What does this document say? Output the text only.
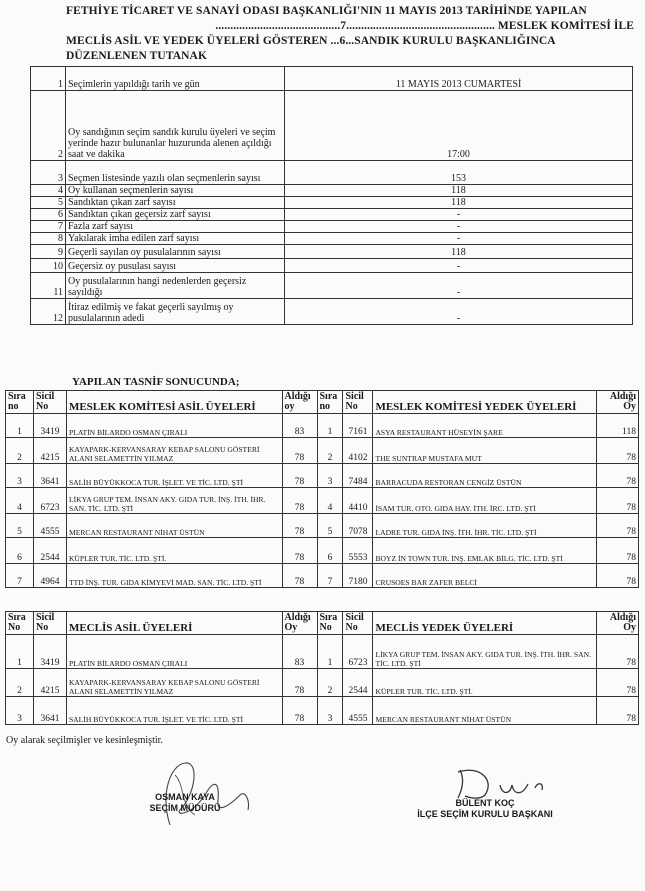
FETHİYE TİCARET VE SANAYİ ODASI BAŞKANLIĞI'NIN 11 MAYIS 2013 TARİHİNDE YAPILAN
..........................................7.................................................. MESLEK KOMİTESİ İLE
MECLİS ASİL VE YEDEK ÜYELERİ GÖSTEREN ...6...SANDIK KURULU BAŞKANLIĞINCA
DÜZENLENEN TUTANAK
1	Seçimlerin yapıldığı tarih ve gün	11 MAYIS 2013 CUMARTESİ
2	Oy sandığının seçim sandık kurulu üyeleri ve seçim yerinde hazır bulunanlar huzurunda alenen açıldığı saat ve dakika	17:00
3	Seçmen listesinde yazılı olan seçmenlerin sayısı	153
4	Oy kullanan seçmenlerin sayısı	118
5	Sandıktan çıkan zarf sayısı	118
6	Sandıktan çıkan geçersiz zarf sayısı	-
7	Fazla zarf sayısı	-
8	Yakılarak imha edilen zarf sayısı	-
9	Geçerli sayılan oy pusulalarının sayısı	118
10	Geçersiz oy pusulası sayısı	-
11	Oy pusulalarının hangi nedenlerden geçersiz sayıldığı	-
12	İtiraz edilmiş ve fakat geçerli sayılmış oy pusulalarının adedi	-
YAPILAN TASNİF SONUCUNDA;
Sıra no	Sicil No	MESLEK KOMİTESİ ASİL ÜYELERİ	Aldığı oy	Sıra no	Sicil No	MESLEK KOMİTESİ YEDEK ÜYELERİ	Aldığı Oy
1	3419	PLATİN BİLARDO OSMAN ÇIRALI	83	1	7161	ASYA RESTAURANT HÜSEYİN ŞARE	118
2	4215	KAYAPARK-KERVANSARAY KEBAP SALONU GÖSTERİ ALANI SELAMETTİN YILMAZ	78	2	4102	THE SUNTRAP MUSTAFA MUT	78
3	3641	SALİH BÜYÜKKOCA TUR. İŞLET. VE TİC. LTD. ŞTİ	78	3	7484	BARRACUDA RESTORAN CENGİZ ÜSTÜN	78
4	6723	LİKYA GRUP TEM. İNSAN AKY. GIDA TUR. İNŞ. İTH. İHR. SAN. TİC. LTD. ŞTİ	78	4	4410	İSAM TUR. OTO. GIDA HAY. İTH. İRC. LTD. ŞTİ	78
5	4555	MERCAN RESTAURANT NİHAT ÜSTÜN	78	5	7078	LADRE TUR. GIDA İNŞ. İTH. İHR. TİC. LTD. ŞTİ	78
6	2544	KÜPLER TUR. TİC. LTD. ŞTİ.	78	6	5553	BOYZ İN TOWN TUR. İNŞ. EMLAK BİLG. TİC. LTD. ŞTİ	78
7	4964	TTD İNŞ. TUR. GIDA KİMYEVİ MAD. SAN. TİC. LTD. ŞTİ	78	7	7180	CRUSOES BAR ZAFER BELCİ	78
Sıra No	Sicil No	MECLİS ASİL ÜYELERİ	Aldığı Oy	Sıra No	Sicil No	MECLİS YEDEK ÜYELERİ	Aldığı Oy
1	3419	PLATİN BİLARDO OSMAN ÇIRALI	83	1	6723	LİKYA GRUP TEM. İNSAN AKY. GIDA TUR. İNŞ. İTH. İHR. SAN. TİC. LTD. ŞTİ	78
2	4215	KAYAPARK-KERVANSARAY KEBAP SALONU GÖSTERİ ALANI SELAMETTİN YILMAZ	78	2	2544	KÜPLER TUR. TİC. LTD. ŞTİ.	78
3	3641	SALİH BÜYÜKKOCA TUR. İŞLET. VE TİC. LTD. ŞTİ	78	3	4555	MERCAN RESTAURANT NİHAT ÜSTÜN	78
Oy alarak seçilmişler ve kesinleşmiştir.
OSMAN KAYA
SEÇİM MÜDÜRÜ	BÜLENT KOÇ
İLÇE SEÇİM KURULU BAŞKANI
